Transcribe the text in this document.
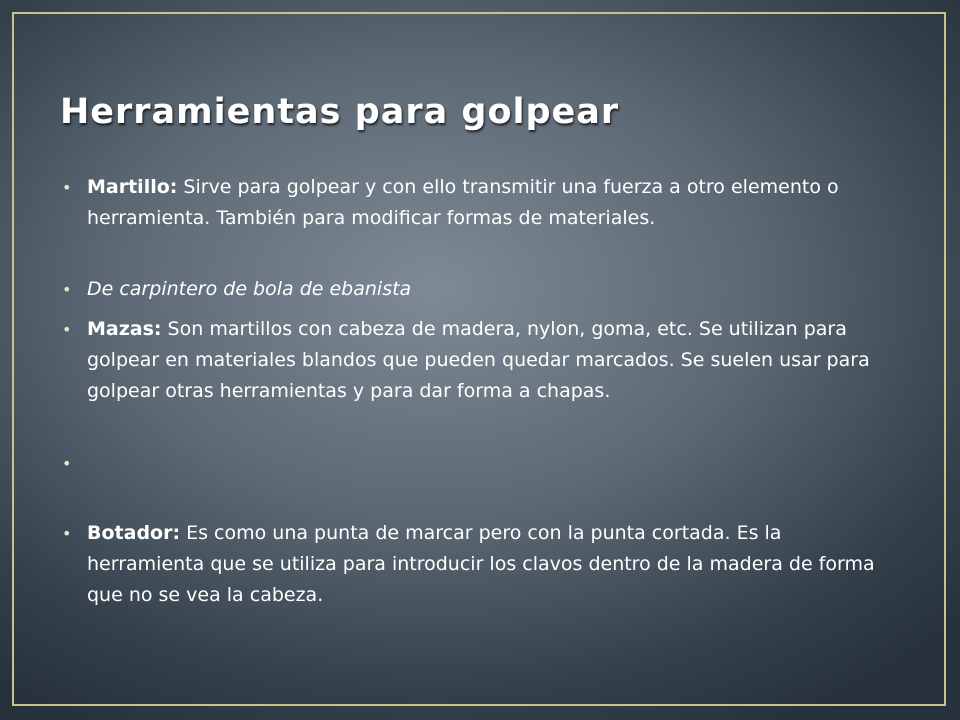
Herramientas para golpear
• Martillo: Sirve para golpear y con ello transmitir una fuerza a otro elemento o herramienta. También para modificar formas de materiales.
• De carpintero de bola de ebanista
• Mazas: Son martillos con cabeza de madera, nylon, goma, etc. Se utilizan para golpear en materiales blandos que pueden quedar marcados. Se suelen usar para golpear otras herramientas y para dar forma a chapas.
•
• Botador: Es como una punta de marcar pero con la punta cortada. Es la herramienta que se utiliza para introducir los clavos dentro de la madera de forma que no se vea la cabeza.
